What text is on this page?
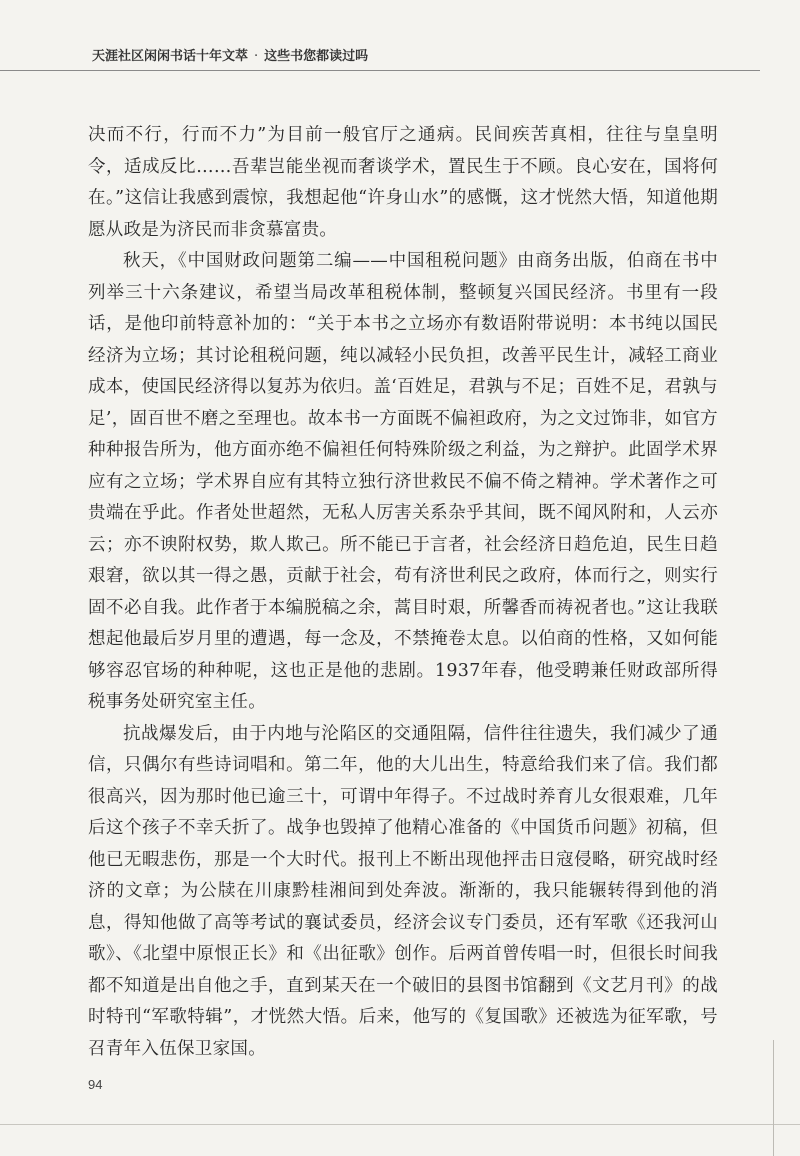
天涯社区闲闲书话十年文萃 · 这些书您都读过吗

决而不行，行而不力”为目前一般官厅之通病。民间疾苦真相，往往与皇皇明令，适成反比……吾辈岂能坐视而奢谈学术，置民生于不顾。良心安在，国将何在。”这信让我感到震惊，我想起他“许身山水”的感慨，这才恍然大悟，知道他期愿从政是为济民而非贪慕富贵。

秋天，《中国财政问题第二编——中国租税问题》由商务出版，伯商在书中列举三十六条建议，希望当局改革租税体制，整顿复兴国民经济。书里有一段话，是他印前特意补加的：“关于本书之立场亦有数语附带说明：本书纯以国民经济为立场；其讨论租税问题，纯以减轻小民负担，改善平民生计，减轻工商业成本，使国民经济得以复苏为依归。盖‘百姓足，君孰与不足；百姓不足，君孰与足’，固百世不磨之至理也。故本书一方面既不偏袒政府，为之文过饰非，如官方种种报告所为，他方面亦绝不偏袒任何特殊阶级之利益，为之辩护。此固学术界应有之立场；学术界自应有其特立独行济世救民不偏不倚之精神。学术著作之可贵端在乎此。作者处世超然，无私人厉害关系杂乎其间，既不闻风附和，人云亦云；亦不谀附权势，欺人欺己。所不能已于言者，社会经济日趋危迫，民生日趋艰窘，欲以其一得之愚，贡献于社会，苟有济世利民之政府，体而行之，则实行固不必自我。此作者于本编脱稿之余，蒿目时艰，所馨香而祷祝者也。”这让我联想起他最后岁月里的遭遇，每一念及，不禁掩卷太息。以伯商的性格，又如何能够容忍官场的种种呢，这也正是他的悲剧。1937年春，他受聘兼任财政部所得税事务处研究室主任。

抗战爆发后，由于内地与沦陷区的交通阻隔，信件往往遗失，我们减少了通信，只偶尔有些诗词唱和。第二年，他的大儿出生，特意给我们来了信。我们都很高兴，因为那时他已逾三十，可谓中年得子。不过战时养育儿女很艰难，几年后这个孩子不幸夭折了。战争也毁掉了他精心准备的《中国货币问题》初稿，但他已无暇悲伤，那是一个大时代。报刊上不断出现他抨击日寇侵略，研究战时经济的文章；为公牍在川康黔桂湘间到处奔波。渐渐的，我只能辗转得到他的消息，得知他做了高等考试的襄试委员，经济会议专门委员，还有军歌《还我河山歌》、《北望中原恨正长》和《出征歌》创作。后两首曾传唱一时，但很长时间我都不知道是出自他之手，直到某天在一个破旧的县图书馆翻到《文艺月刊》的战时特刊“军歌特辑”，才恍然大悟。后来，他写的《复国歌》还被选为征军歌，号召青年入伍保卫家国。

94
